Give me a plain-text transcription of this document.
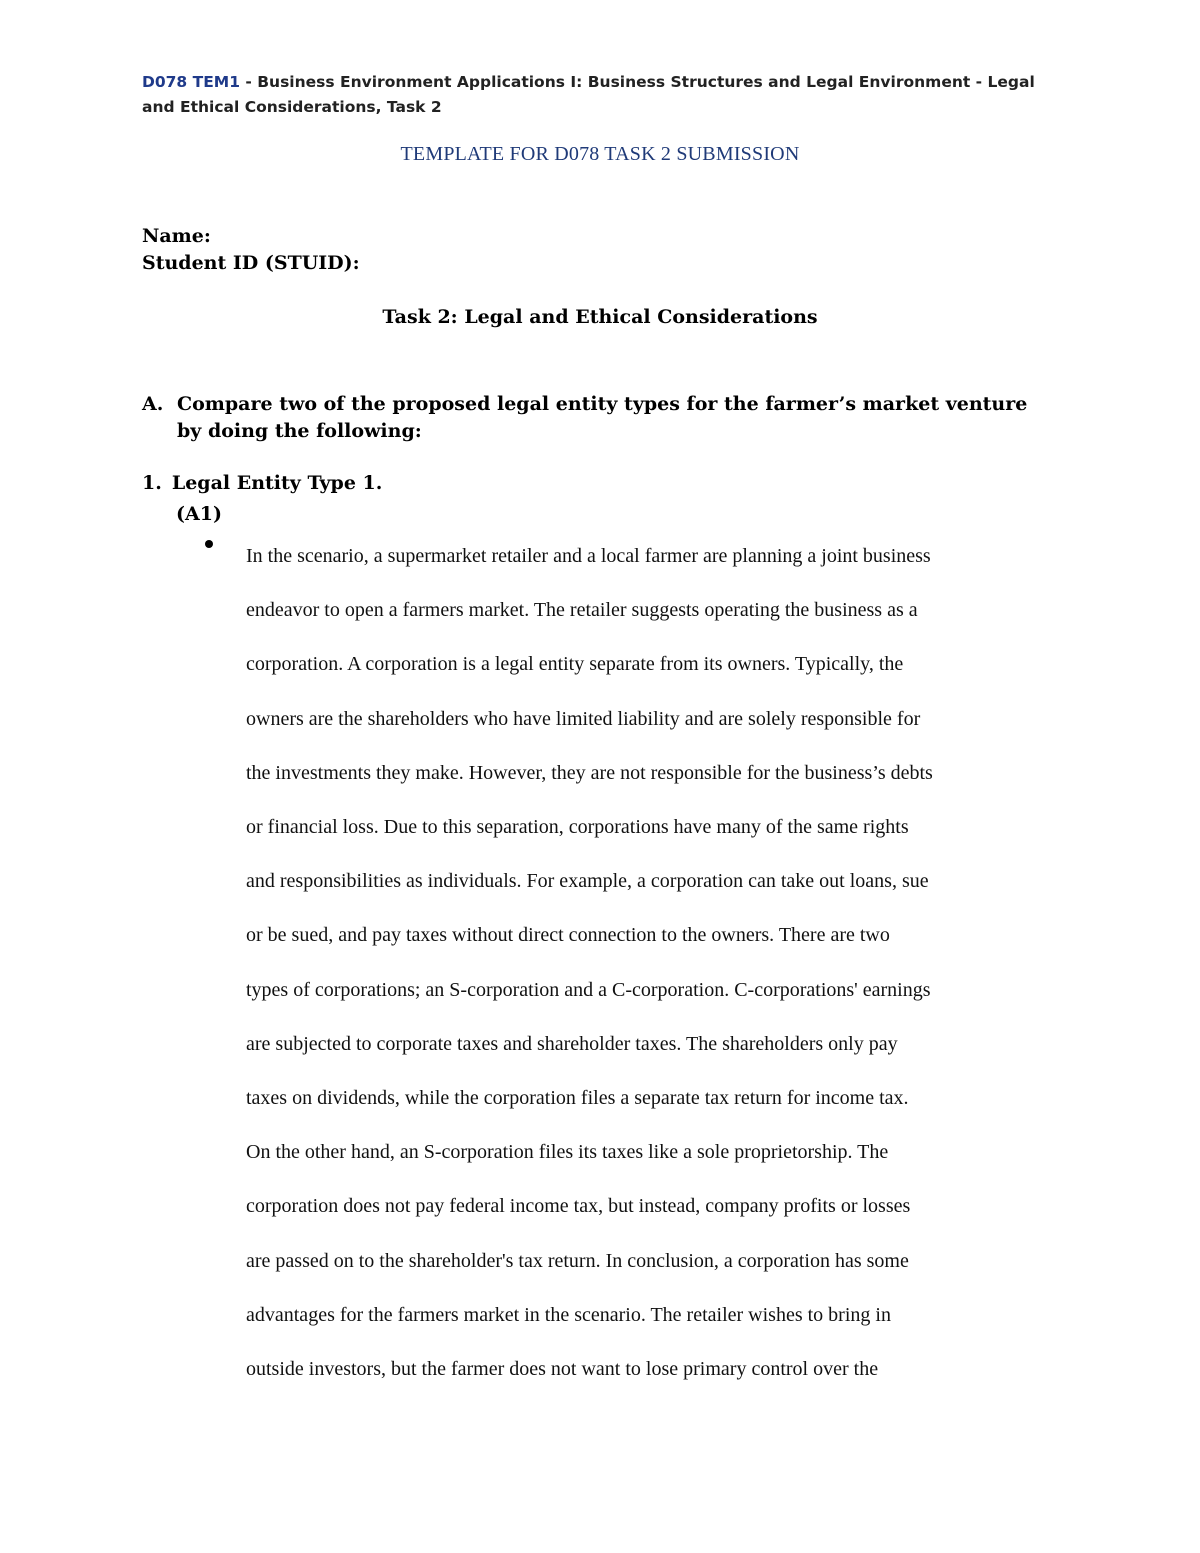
D078 TEM1 - Business Environment Applications I: Business Structures and Legal Environment - Legal and Ethical Considerations, Task 2
TEMPLATE FOR D078 TASK 2 SUBMISSION
Name:
Student ID (STUID):
Task 2: Legal and Ethical Considerations
A. Compare two of the proposed legal entity types for the farmer’s market venture by doing the following:
1. Legal Entity Type 1.
(A1)
In the scenario, a supermarket retailer and a local farmer are planning a joint business
endeavor to open a farmers market. The retailer suggests operating the business as a
corporation. A corporation is a legal entity separate from its owners. Typically, the
owners are the shareholders who have limited liability and are solely responsible for
the investments they make. However, they are not responsible for the business’s debts
or financial loss. Due to this separation, corporations have many of the same rights
and responsibilities as individuals. For example, a corporation can take out loans, sue
or be sued, and pay taxes without direct connection to the owners. There are two
types of corporations; an S-corporation and a C-corporation. C-corporations' earnings
are subjected to corporate taxes and shareholder taxes. The shareholders only pay
taxes on dividends, while the corporation files a separate tax return for income tax.
On the other hand, an S-corporation files its taxes like a sole proprietorship. The
corporation does not pay federal income tax, but instead, company profits or losses
are passed on to the shareholder's tax return. In conclusion, a corporation has some
advantages for the farmers market in the scenario. The retailer wishes to bring in
outside investors, but the farmer does not want to lose primary control over the
